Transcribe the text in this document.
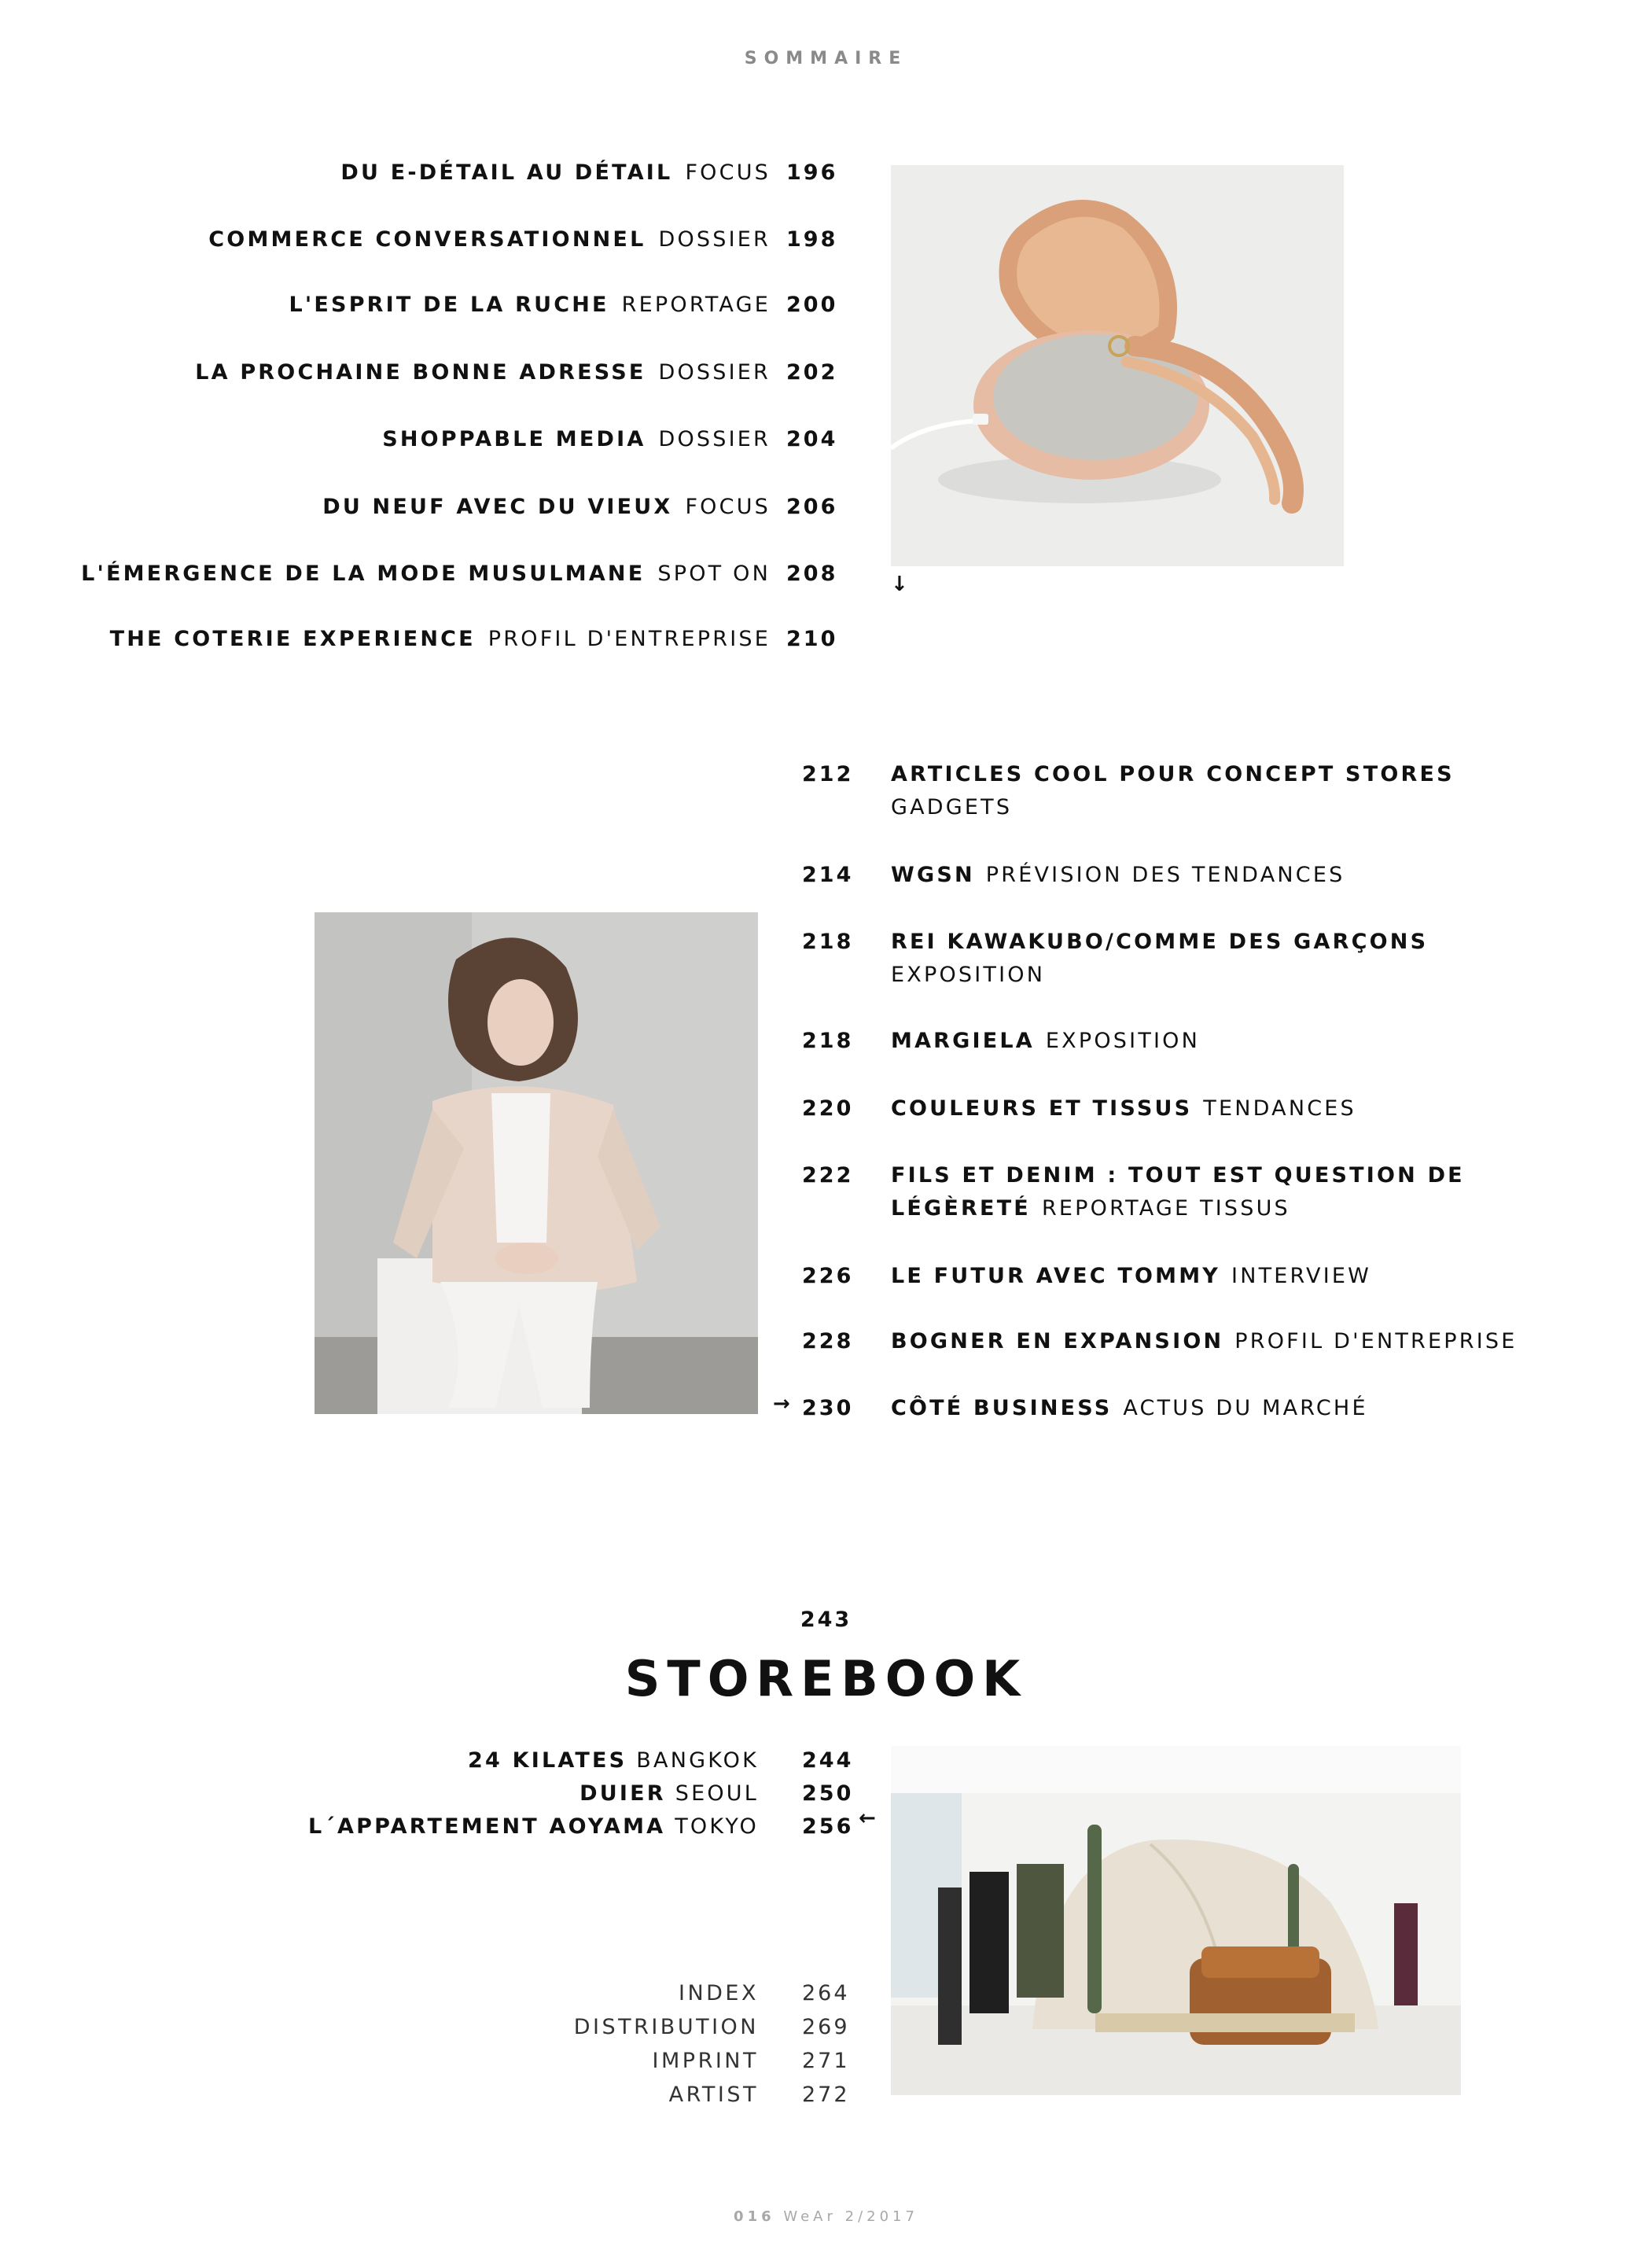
SOMMAIRE
DU E-DÉTAIL AU DÉTAIL FOCUS 196
COMMERCE CONVERSATIONNEL DOSSIER 198
L'ESPRIT DE LA RUCHE REPORTAGE 200
LA PROCHAINE BONNE ADRESSE DOSSIER 202
SHOPPABLE MEDIA DOSSIER 204
DU NEUF AVEC DU VIEUX FOCUS 206
L'ÉMERGENCE DE LA MODE MUSULMANE SPOT ON 208
THE COTERIE EXPERIENCE PROFIL D'ENTREPRISE 210
↓
212	ARTICLES COOL POUR CONCEPT STORES
GADGETS
214	WGSN PRÉVISION DES TENDANCES
218	REI KAWAKUBO/COMME DES GARÇONS
EXPOSITION
218	MARGIELA EXPOSITION
220	COULEURS ET TISSUS TENDANCES
222	FILS ET DENIM : TOUT EST QUESTION DE LÉGÈRETÉ REPORTAGE TISSUS
226	LE FUTUR AVEC TOMMY INTERVIEW
228	BOGNER EN EXPANSION PROFIL D'ENTREPRISE
230	CÔTÉ BUSINESS ACTUS DU MARCHÉ
→
243
STOREBOOK
24 KILATES BANGKOK 244
DUIER SEOUL 250
L´APPARTEMENT AOYAMA TOKYO 256 ←
INDEX 264
DISTRIBUTION 269
IMPRINT 271
ARTIST 272
016 WeAr 2/2017
